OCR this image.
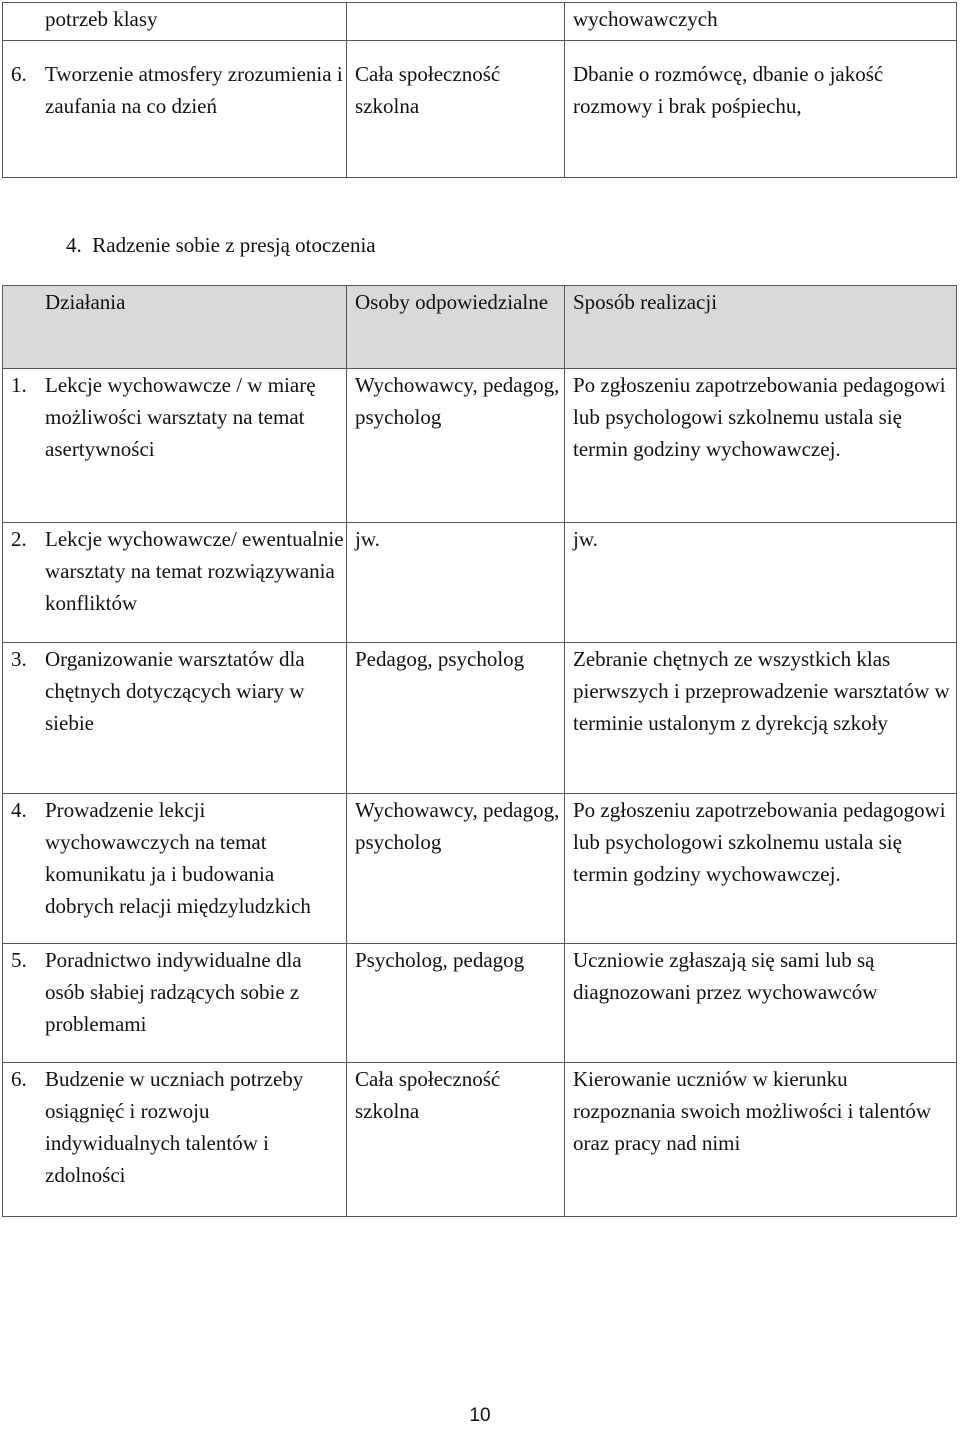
potrzeb klasy		wychowawczych

6. Tworzenie atmosfery zrozumienia i zaufania na co dzień	Cała społeczność szkolna	Dbanie o rozmówcę, dbanie o jakość rozmowy i brak pośpiechu,
4. Radzenie sobie z presją otoczenia
Działania	Osoby odpowiedzialne	Sposób realizacji

1. Lekcje wychowawcze / w miarę możliwości warsztaty na temat asertywności	Wychowawcy, pedagog, psycholog	Po zgłoszeniu zapotrzebowania pedagogowi lub psychologowi szkolnemu ustala się termin godziny wychowawczej.

2. Lekcje wychowawcze/ ewentualnie warsztaty na temat rozwiązywania konfliktów	jw.	jw.

3. Organizowanie warsztatów dla chętnych dotyczących wiary w siebie	Pedagog, psycholog	Zebranie chętnych ze wszystkich klas pierwszych i przeprowadzenie warsztatów w terminie ustalonym z dyrekcją szkoły

4. Prowadzenie lekcji wychowawczych na temat komunikatu ja i budowania dobrych relacji międzyludzkich	Wychowawcy, pedagog, psycholog	Po zgłoszeniu zapotrzebowania pedagogowi lub psychologowi szkolnemu ustala się termin godziny wychowawczej.

5. Poradnictwo indywidualne dla osób słabiej radzących sobie z problemami	Psycholog, pedagog	Uczniowie zgłaszają się sami lub są diagnozowani przez wychowawców

6. Budzenie w uczniach potrzeby osiągnięć i rozwoju indywidualnych talentów i zdolności	Cała społeczność szkolna	Kierowanie uczniów w kierunku rozpoznania swoich możliwości i talentów oraz pracy nad nimi
10
